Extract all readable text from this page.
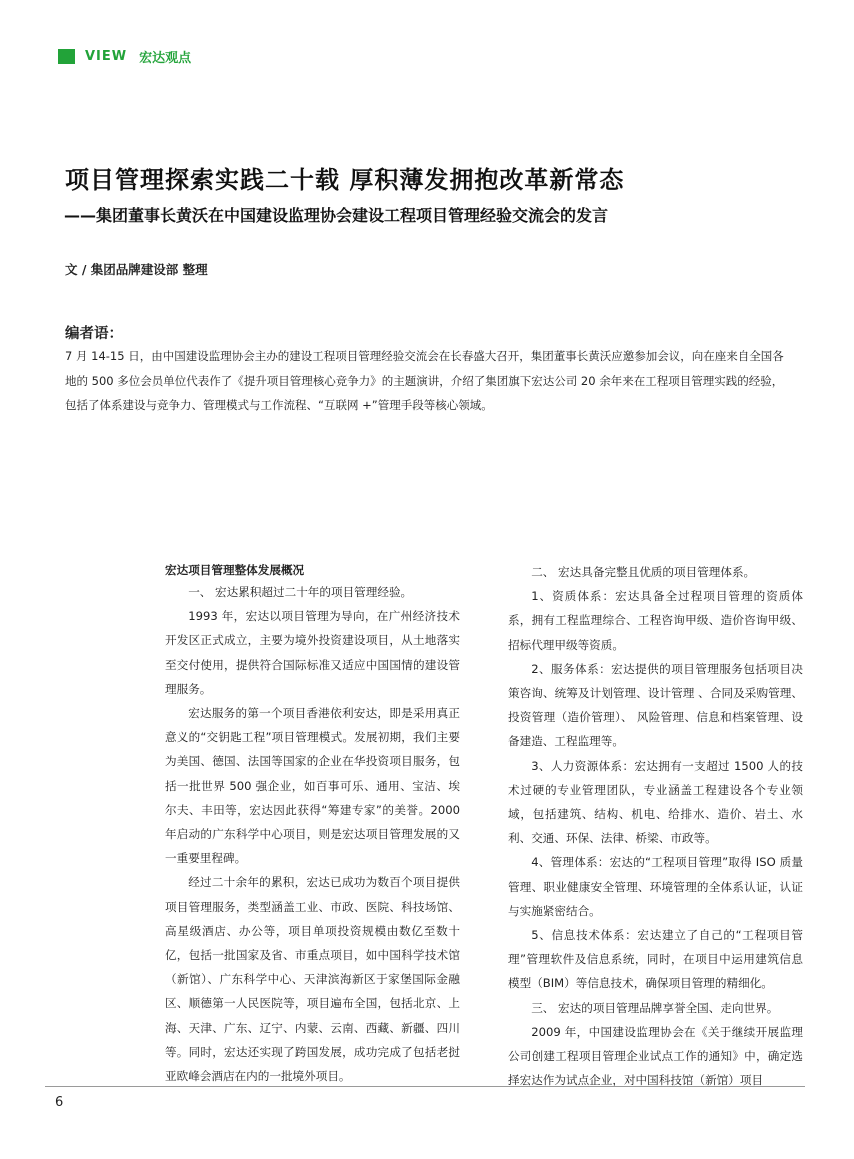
VIEW 宏达观点
项目管理探索实践二十载 厚积薄发拥抱改革新常态
——集团董事长黄沃在中国建设监理协会建设工程项目管理经验交流会的发言
文 / 集团品牌建设部 整理
编者语：
7 月 14-15 日，由中国建设监理协会主办的建设工程项目管理经验交流会在长春盛大召开，集团董事长黄沃应邀参加会议，向在座来自全国各地的 500 多位会员单位代表作了《提升项目管理核心竞争力》的主题演讲，介绍了集团旗下宏达公司 20 余年来在工程项目管理实践的经验，包括了体系建设与竞争力、管理模式与工作流程、“互联网 +”管理手段等核心领域。

宏达项目管理整体发展概况

一、 宏达累积超过二十年的项目管理经验。

1993 年，宏达以项目管理为导向，在广州经济技术开发区正式成立，主要为境外投资建设项目，从土地落实至交付使用，提供符合国际标准又适应中国国情的建设管理服务。

宏达服务的第一个项目香港依利安达，即是采用真正意义的“交钥匙工程”项目管理模式。发展初期，我们主要为美国、德国、法国等国家的企业在华投资项目服务，包括一批世界 500 强企业，如百事可乐、通用、宝洁、埃尔夫、丰田等，宏达因此获得“筹建专家”的美誉。2000 年启动的广东科学中心项目，则是宏达项目管理发展的又一重要里程碑。

经过二十余年的累积，宏达已成功为数百个项目提供项目管理服务，类型涵盖工业、市政、医院、科技场馆、高星级酒店、办公等，项目单项投资规模由数亿至数十亿，包括一批国家及省、市重点项目，如中国科学技术馆（新馆）、广东科学中心、天津滨海新区于家堡国际金融区、顺德第一人民医院等，项目遍布全国，包括北京、上海、天津、广东、辽宁、内蒙、云南、西藏、新疆、四川等。同时，宏达还实现了跨国发展，成功完成了包括老挝亚欧峰会酒店在内的一批境外项目。

二、 宏达具备完整且优质的项目管理体系。

1、资质体系：宏达具备全过程项目管理的资质体系，拥有工程监理综合、工程咨询甲级、造价咨询甲级、招标代理甲级等资质。

2、服务体系：宏达提供的项目管理服务包括项目决策咨询、统筹及计划管理、设计管理 、合同及采购管理、投资管理（造价管理）、 风险管理、信息和档案管理、设备建造、工程监理等。

3、人力资源体系：宏达拥有一支超过 1500 人的技术过硬的专业管理团队，专业涵盖工程建设各个专业领域，包括建筑、结构、机电、给排水、造价、岩土、水利、交通、环保、法律、桥梁、市政等。

4、管理体系：宏达的“工程项目管理”取得 ISO 质量管理、职业健康安全管理、环境管理的全体系认证，认证与实施紧密结合。

5、信息技术体系：宏达建立了自己的“工程项目管理”管理软件及信息系统，同时，在项目中运用建筑信息模型（BIM）等信息技术，确保项目管理的精细化。

三、 宏达的项目管理品牌享誉全国、走向世界。

2009 年，中国建设监理协会在《关于继续开展监理公司创建工程项目管理企业试点工作的通知》中，确定选择宏达作为试点企业，对中国科技馆（新馆）项目

6
